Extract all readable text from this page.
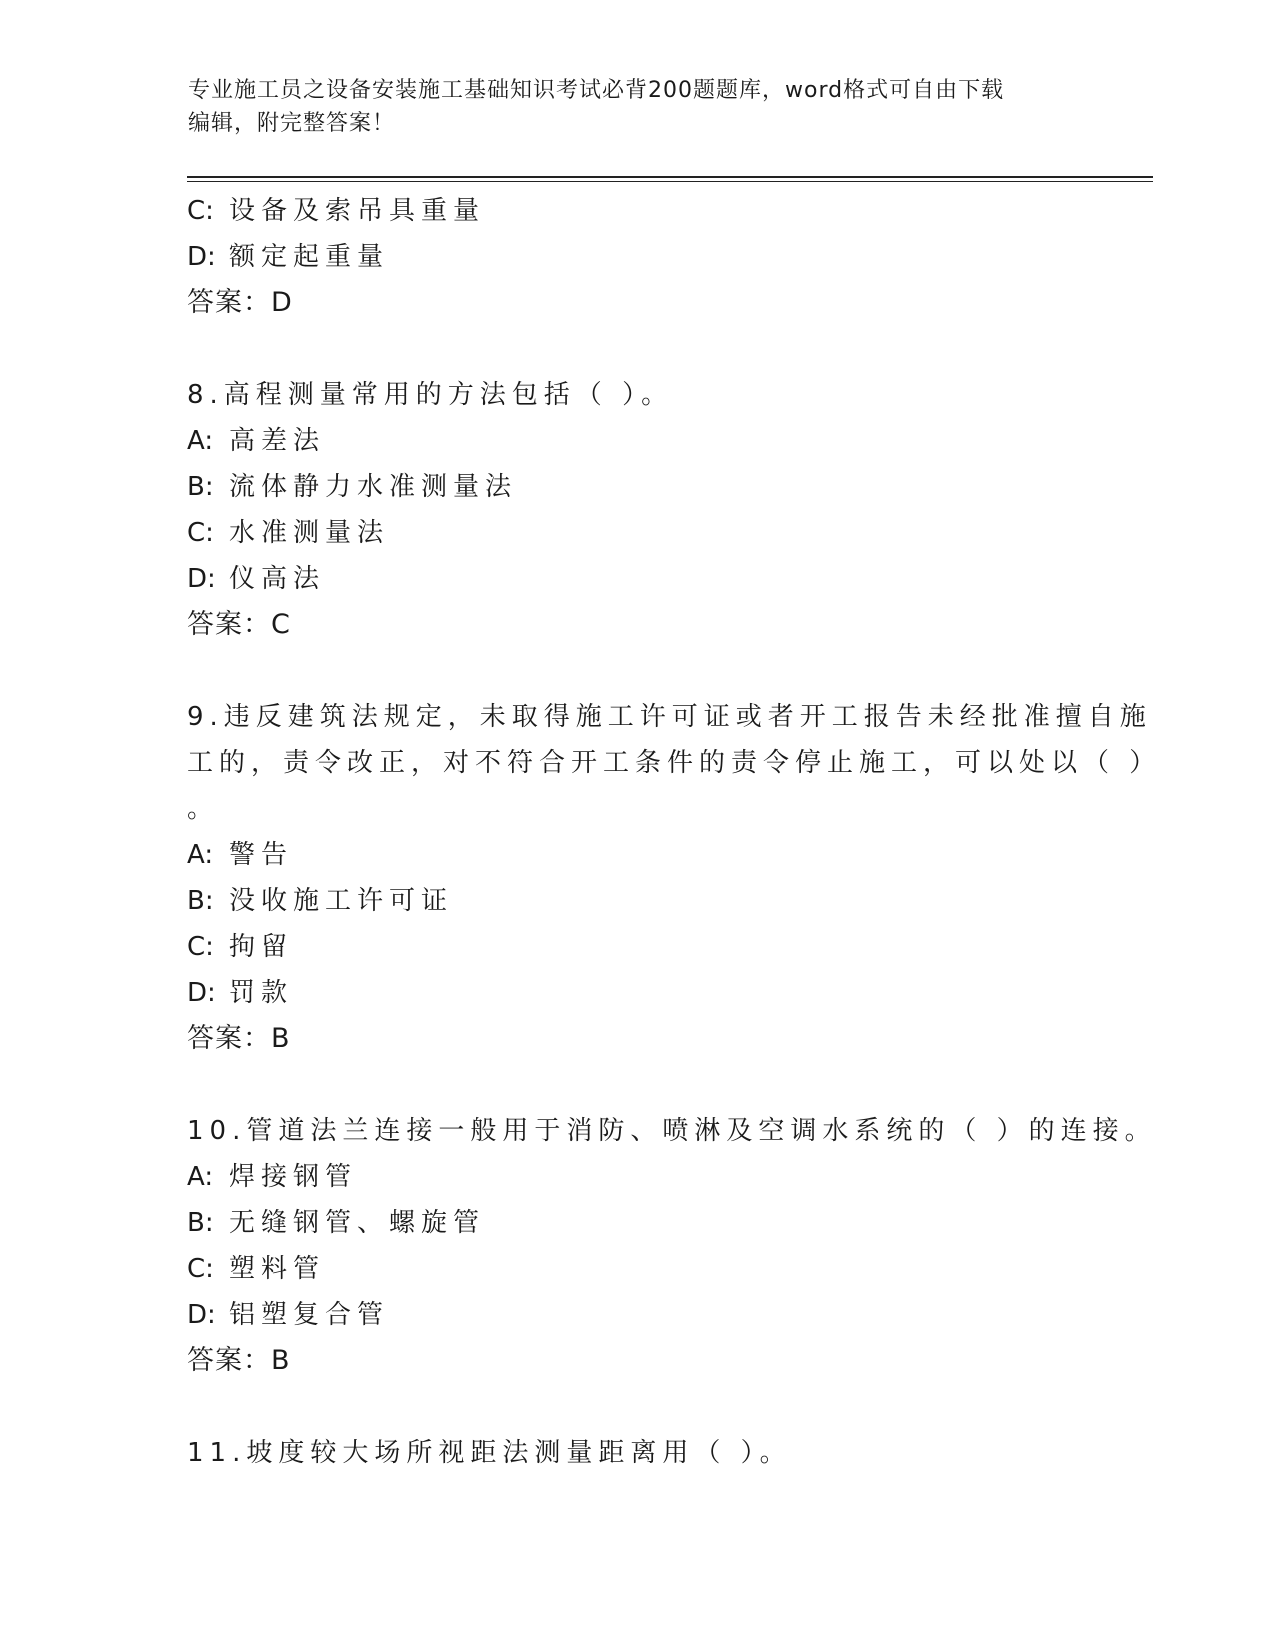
专业施工员之设备安装施工基础知识考试必背200题题库，word格式可自由下载
编辑，附完整答案！
C: 设备及索吊具重量
D: 额定起重量
答案：D
8.高程测量常用的方法包括（ ）。
A: 高差法
B: 流体静力水准测量法
C: 水准测量法
D: 仪高法
答案：C
9.违反建筑法规定，未取得施工许可证或者开工报告未经批准擅自施
工的，责令改正，对不符合开工条件的责令停止施工，可以处以（ ）
。
A: 警告
B: 没收施工许可证
C: 拘留
D: 罚款
答案：B
10.管道法兰连接一般用于消防、喷淋及空调水系统的（ ）的连接。
A: 焊接钢管
B: 无缝钢管、螺旋管
C: 塑料管
D: 铝塑复合管
答案：B
11.坡度较大场所视距法测量距离用（ ）。
